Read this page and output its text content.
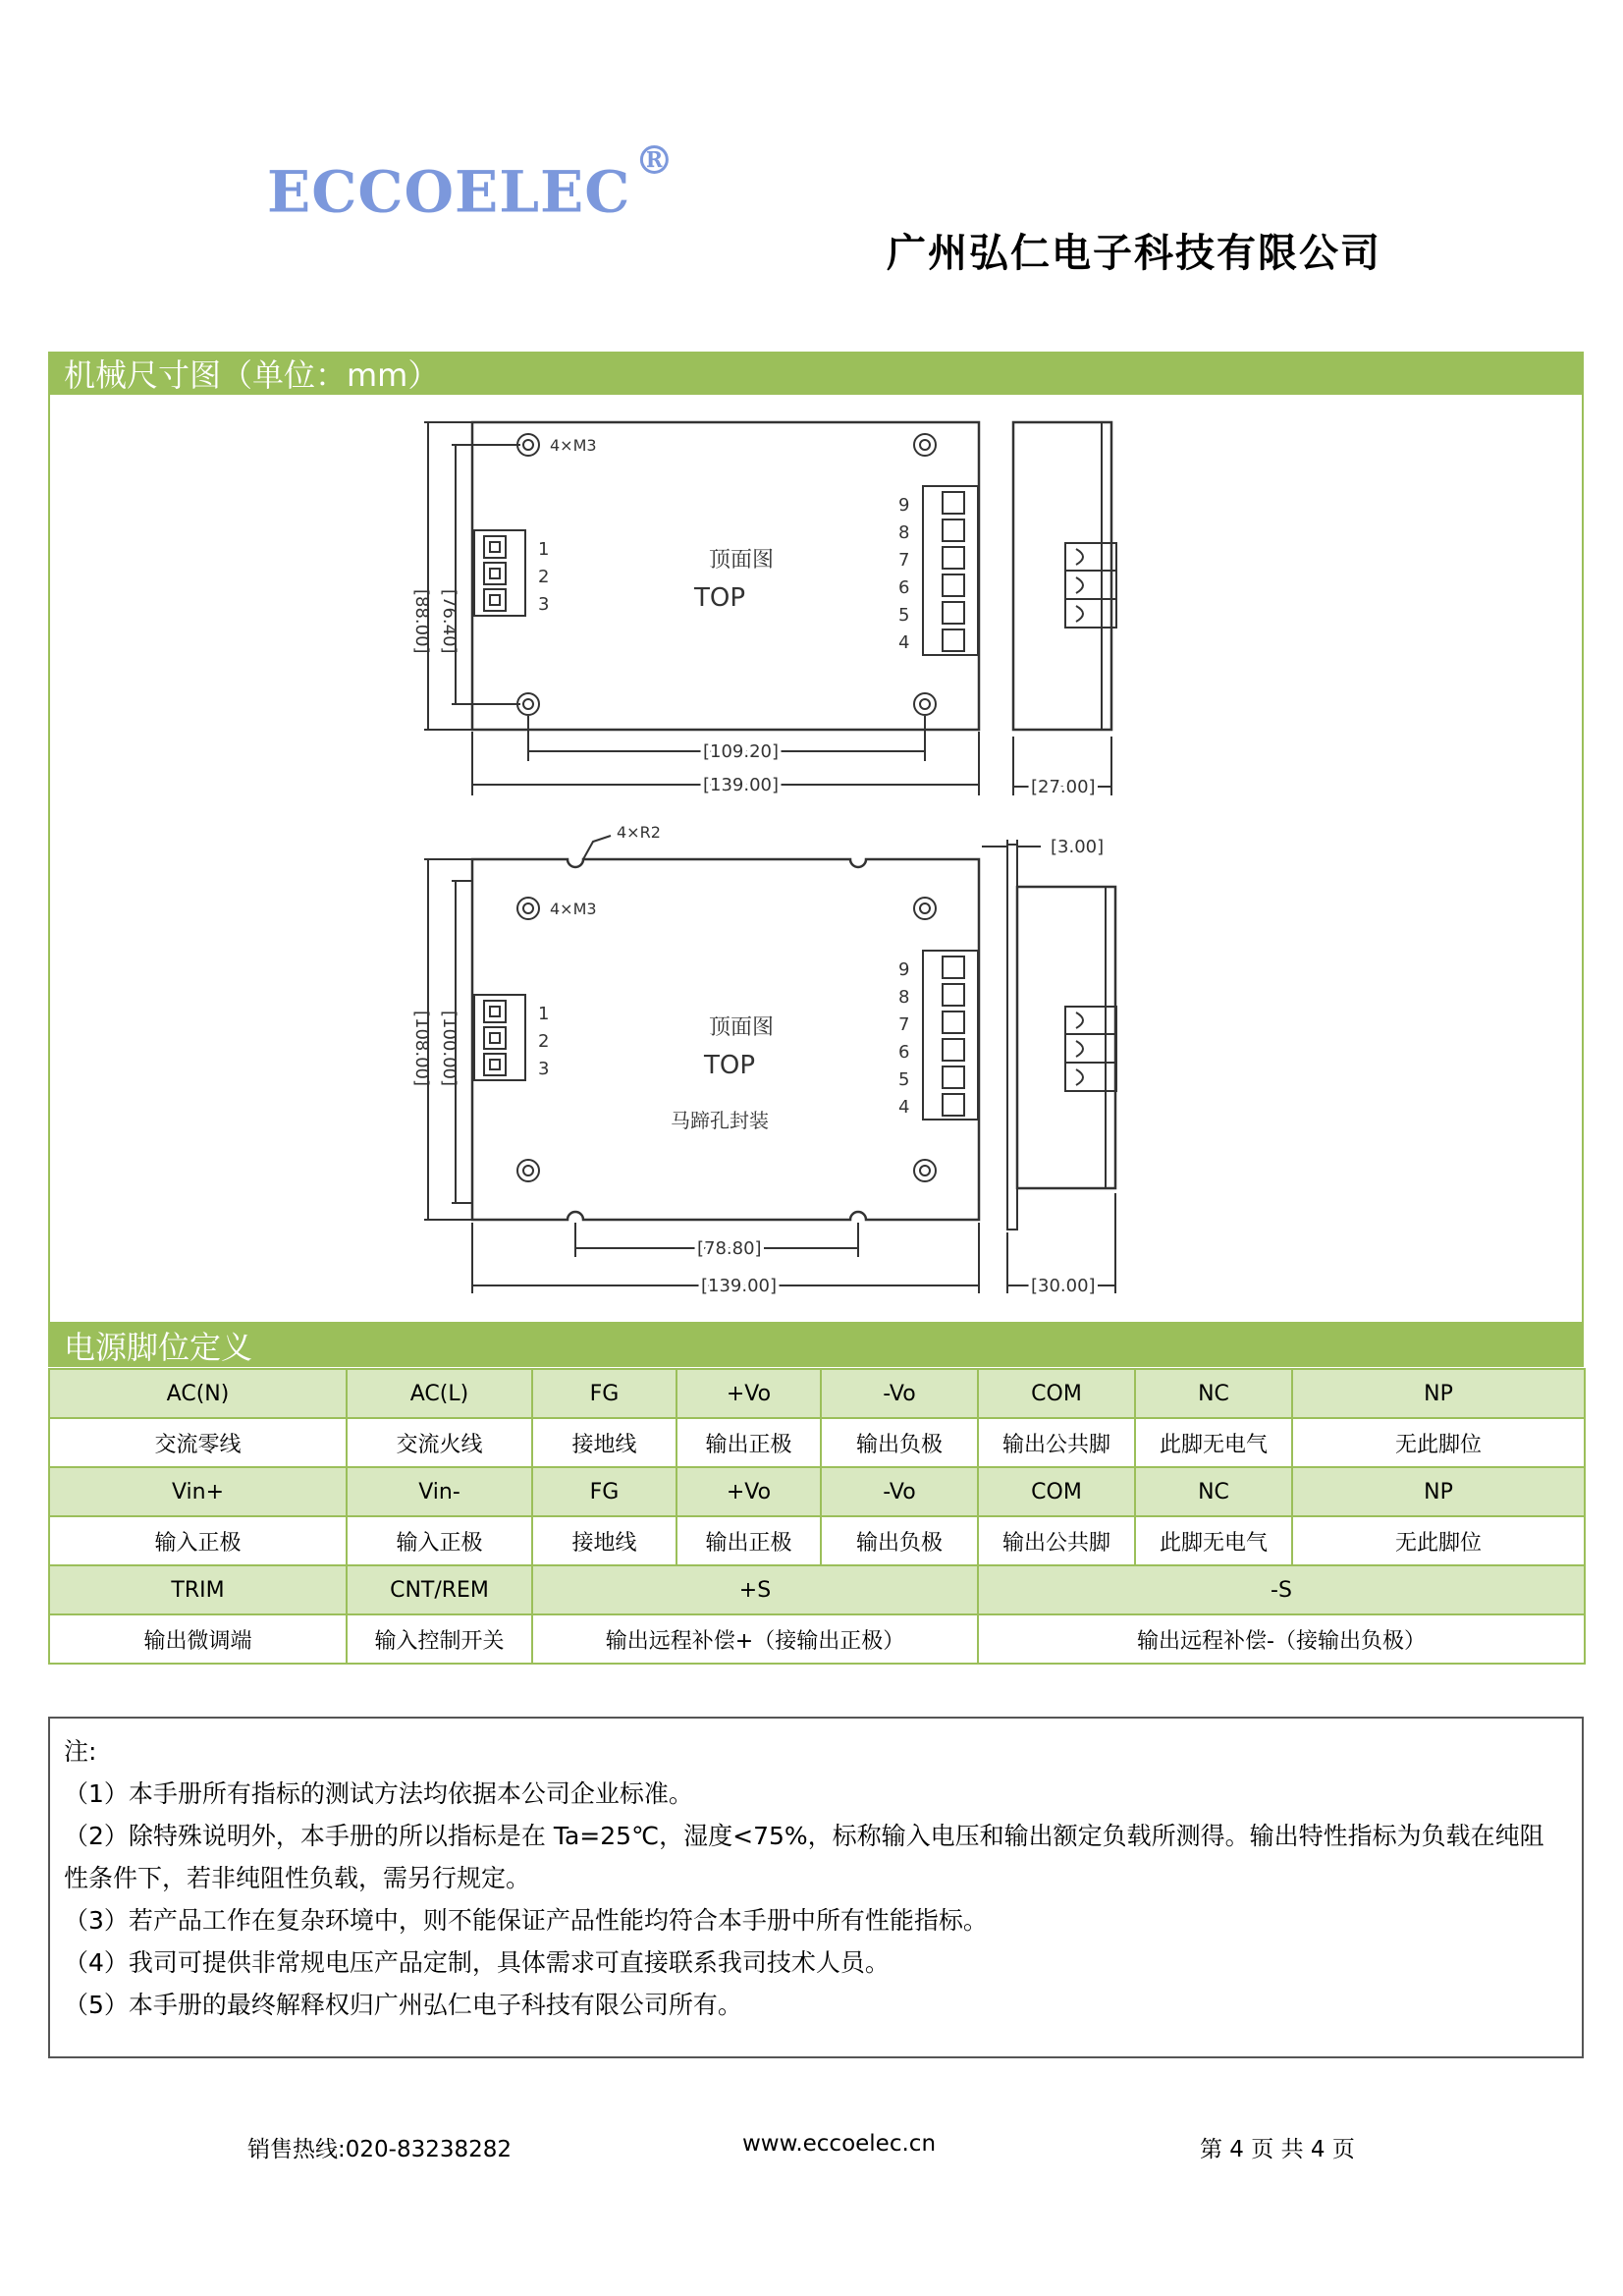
ECCOELEC ®
广州弘仁电子科技有限公司
机械尺寸图（单位：mm）
4×M3
1
2
3
9
8
7
6
5
4
顶面图
TOP
[88.00] [76.40]
[109.20]
[139.00]	[27.00]
4×R2
4×M3
1
2
3
9
8
7
6
5
4
顶面图
TOP
马蹄孔封装
[108.00] [100.00]
[78.80]
[139.00]
[3.00]
[30.00]
电源脚位定义
AC(N)	AC(L)	FG	+Vo	-Vo	COM	NC	NP
交流零线	交流火线	接地线	输出正极	输出负极	输出公共脚	此脚无电气	无此脚位
Vin+	Vin-	FG	+Vo	-Vo	COM	NC	NP
输入正极	输入正极	接地线	输出正极	输出负极	输出公共脚	此脚无电气	无此脚位
TRIM	CNT/REM	+S			-S		
输出微调端	输入控制开关	输出远程补偿+（接输出正极）			输出远程补偿-（接输出负极）		

注:

（1）本手册所有指标的测试方法均依据本公司企业标准。

（2）除特殊说明外，本手册的所以指标是在 Ta=25℃，湿度<75%，标称输入电压和输出额定负载所测得。输出特性指标为负载在纯阻性条件下，若非纯阻性负载，需另行规定。

（3）若产品工作在复杂环境中，则不能保证产品性能均符合本手册中所有性能指标。

（4）我司可提供非常规电压产品定制，具体需求可直接联系我司技术人员。

（5）本手册的最终解释权归广州弘仁电子科技有限公司所有。

销售热线:020-83238282	www.eccoelec.cn	第 4 页 共 4 页
